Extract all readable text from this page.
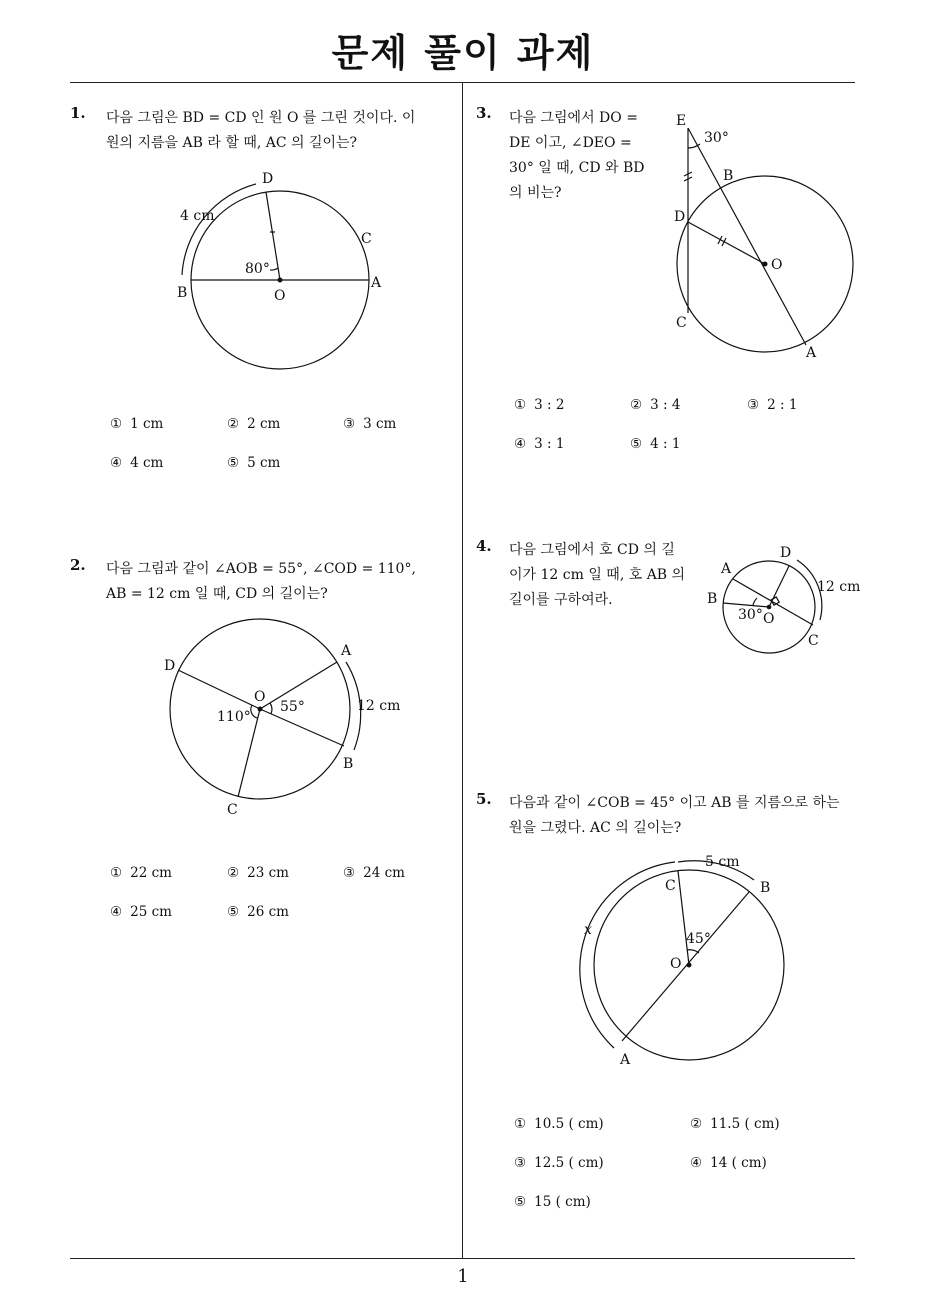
문제 풀이 과제
1
1. 다음 그림은 BD = CD 인 원 O 를 그린 것이다. 이
원의 지름을 AB 라 할 때, AC 의 길이는?
D
C
B
A
O
4 cm
80°
① 1 cm	② 2 cm	③ 3 cm
④ 4 cm	⑤ 5 cm
2. 다음 그림과 같이 ∠AOB = 55°, ∠COD = 110°,
AB = 12 cm 일 때, CD 의 길이는?
A
B
C
D
O
12 cm
110°
55°
① 22 cm	② 23 cm	③ 24 cm
④ 25 cm	⑤ 26 cm
3. 다음 그림에서 DO =
DE 이고, ∠DEO =
30° 일 때, CD 와 BD
의 비는?
E
30°
B
D
O
C
A
① 3 : 2	② 3 : 4	③ 2 : 1
④ 3 : 1	⑤ 4 : 1
4. 다음 그림에서 호 CD 의 길
이가 12 cm 일 때, 호 AB 의
길이를 구하여라.
D
A
B
30° O
C
12 cm
5. 다음과 같이 ∠COB = 45° 이고 AB 를 지름으로 하는
원을 그렸다. AC 의 길이는?
C	B
O
A
x
5 cm
45°
① 10.5 ( cm)	② 11.5 ( cm)
③ 12.5 ( cm)	④ 14 ( cm)
⑤ 15 ( cm)
